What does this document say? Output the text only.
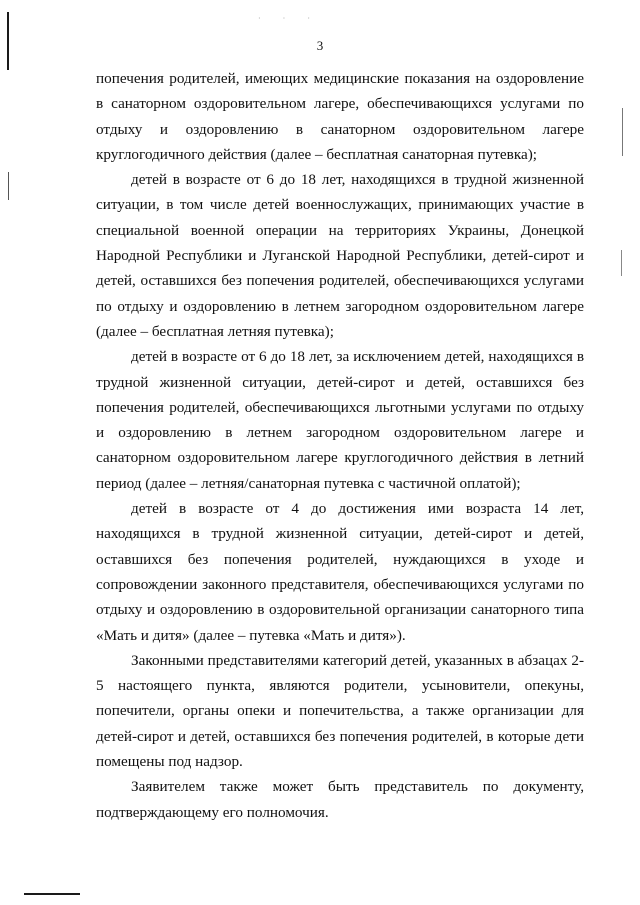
· · ·
3

попечения родителей, имеющих медицинские показания на оздоровление в санаторном оздоровительном лагере, обеспечивающихся услугами по отдыху и оздоровлению в санаторном оздоровительном лагере круглогодичного действия (далее – бесплатная санаторная путевка);

детей в возрасте от 6 до 18 лет, находящихся в трудной жизненной ситуации, в том числе детей военнослужащих, принимающих участие в специальной военной операции на территориях Украины, Донецкой Народной Республики и Луганской Народной Республики, детей-сирот и детей, оставшихся без попечения родителей, обеспечивающихся услугами по отдыху и оздоровлению в летнем загородном оздоровительном лагере (далее – бесплатная летняя путевка);

детей в возрасте от 6 до 18 лет, за исключением детей, находящихся в трудной жизненной ситуации, детей-сирот и детей, оставшихся без попечения родителей, обеспечивающихся льготными услугами по отдыху и оздоровлению в летнем загородном оздоровительном лагере и санаторном оздоровительном лагере круглогодичного действия в летний период (далее – летняя/санаторная путевка с частичной оплатой);

детей в возрасте от 4 до достижения ими возраста 14 лет, находящихся в трудной жизненной ситуации, детей-сирот и детей, оставшихся без попечения родителей, нуждающихся в уходе и сопровождении законного представителя, обеспечивающихся услугами по отдыху и оздоровлению в оздоровительной организации санаторного типа «Мать и дитя» (далее – путевка «Мать и дитя»).

Законными представителями категорий детей, указанных в абзацах 2-5 настоящего пункта, являются родители, усыновители, опекуны, попечители, органы опеки и попечительства, а также организации для детей-сирот и детей, оставшихся без попечения родителей, в которые дети помещены под надзор.

Заявителем также может быть представитель по документу, подтверждающему его полномочия.
